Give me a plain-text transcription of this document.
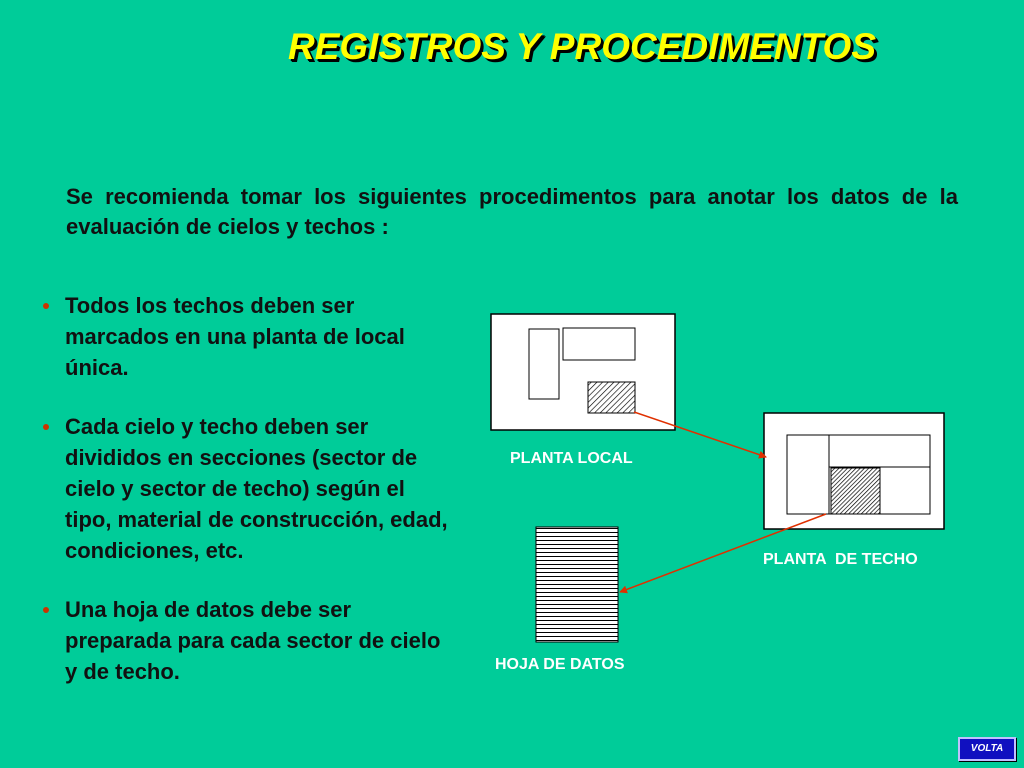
REGISTROS Y PROCEDIMENTOS
Se recomienda tomar los siguientes procedimentos para anotar los datos de la evaluación de cielos y techos :
Todos los techos deben ser marcados en una planta de local única.
Cada cielo y techo deben ser divididos en secciones (sector de cielo y sector de techo) según el tipo, material de construcción, edad, condiciones, etc.
Una hoja de datos debe ser preparada para cada sector de cielo y de techo.
PLANTA LOCAL
PLANTA  DE TECHO
HOJA DE DATOS
VOLTA
